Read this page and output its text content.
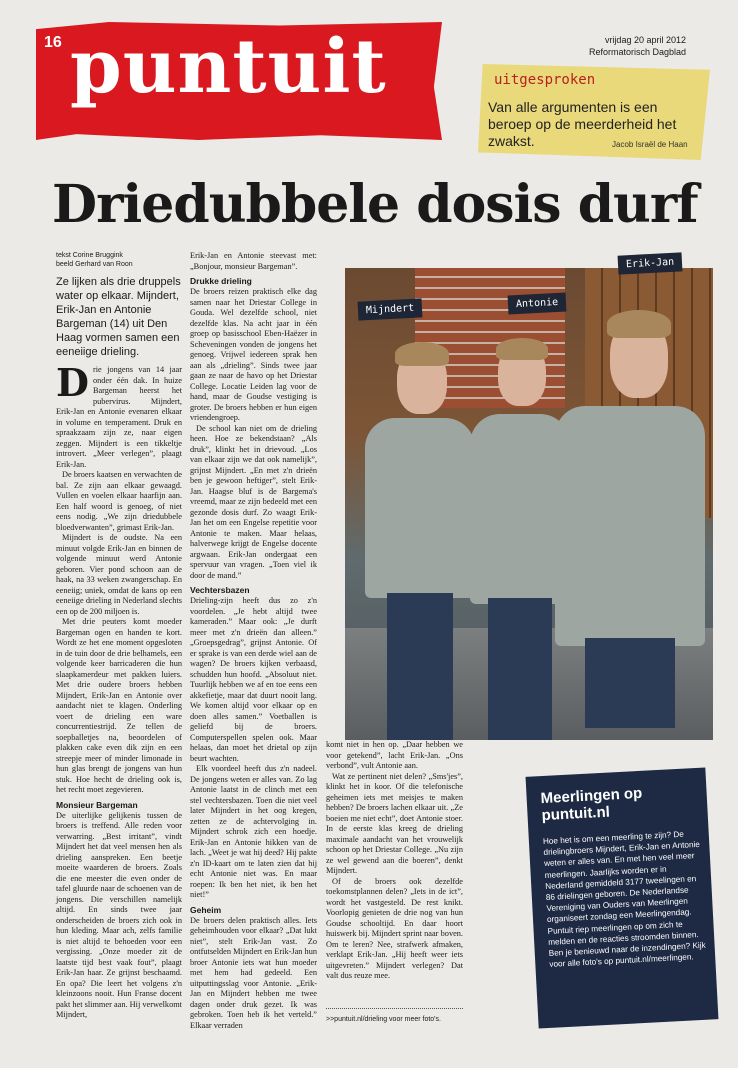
16 puntuit	vrijdag 20 april 2012
Reformatorisch Dagblad
uitgesproken
Van alle argumenten is een beroep op de meerderheid het zwakst.	Jacob Israël de Haan
Driedubbele dosis durf
tekst Corine Bruggink
beeld Gerhard van Roon
Ze lijken als drie druppels water op elkaar. Mijndert, Erik-Jan en Antonie Bargeman (14) uit Den Haag vormen samen een eeneiige drieling.
D rie jongens van 14 jaar onder één dak. In huize Bargeman heerst het pubervirus. Mijndert, Erik-Jan en Antonie evenaren elkaar in volume en temperament. Druk en spraakzaam zijn ze, naar eigen zeggen. Mijndert is een tikkeltje introvert. „Meer verlegen”, plaagt Erik-Jan.

De broers kaatsen en verwachten de bal. Ze zijn aan elkaar gewaagd. Vullen en voelen elkaar haarfijn aan. Een half woord is genoeg, of niet eens nodig. „We zijn driedubbele bloedverwanten”, grimast Erik-Jan.

Mijndert is de oudste. Na een minuut volgde Erik-Jan en binnen de volgende minuut werd Antonie geboren. Vier pond schoon aan de haak, na 33 weken zwangerschap. En eeneiig; uniek, omdat de kans op een eeneiige drieling in Nederland slechts een op de 200 miljoen is.

Met drie peuters komt moeder Bargeman ogen en handen te kort. Wordt ze het ene moment opgesloten in de tuin door de drie belhamels, een volgende keer barricaderen die hun slaapkamerdeur met pakken luiers. Met drie oudere broers hebben Mijndert, Erik-Jan en Antonie over aandacht niet te klagen. Onderling voert de drieling een ware concurrentiestrijd. Ze tellen de soepballetjes na, beoordelen of plakken cake even dik zijn en een streepje meer of minder limonade in hun glas brengt de jongens van hun stuk. Hoe hecht de drieling ook is, het recht moet zegevieren.

Monsieur Bargeman

De uiterlijke gelijkenis tussen de broers is treffend. Alle reden voor verwarring. „Best irritant”, vindt Mijndert het dat veel mensen hen als drieling aanspreken. Een beetje moeite waarderen de broers. Zoals die ene meester die even onder de tafel gluurde naar de schoenen van de jongens. Die verschillen namelijk altijd. En sinds twee jaar onderscheiden de broers zich ook in hun kleding. Maar ach, zelfs familie is niet altijd te behoeden voor een vergissing. „Onze moeder zit de laatste tijd best vaak fout”, plaagt Erik-Jan haar. Ze grijnst beschaamd. En opa? Die leert het volgens z'n kleinzoons nooit. Hun Franse docent pakt het slimmer aan. Hij verwelkomt Mijndert,

Erik-Jan en Antonie steevast met: „Bonjour, monsieur Bargeman”.

Drukke drieling

De broers reizen praktisch elke dag samen naar het Driestar College in Gouda. Wel dezelfde school, niet dezelfde klas. Na acht jaar in één groep op basisschool Eben-Haëzer in Scheveningen vonden de jongens het genoeg. Vrijwel iedereen sprak hen aan als „drieling”. Sinds twee jaar gaan ze naar de havo op het Driestar College. Locatie Leiden lag voor de hand, maar de Goudse vestiging is groter. De broers hebben er hun eigen vriendengroep.

De school kan niet om de drieling heen. Hoe ze bekendstaan? „Als druk”, klinkt het in drievoud. „Los van elkaar zijn we dat ook namelijk”, grijnst Mijndert. „En met z'n drieën ben je gewoon heftiger”, stelt Erik-Jan. Haagse bluf is de Bargema's vreemd, maar ze zijn bedeeld met een gezonde dosis durf. Zo waagt Erik-Jan het om een Engelse repetitie voor Antonie te maken. Maar helaas, halverwege krijgt de Engelse docente argwaan. Erik-Jan ondergaat een spervuur van vragen. „Toen viel ik door de mand.”

Vechtersbazen

Drieling-zijn heeft dus zo z'n voordelen. „Je hebt altijd twee kameraden.” Maar ook: „Je durft meer met z'n drieën dan alleen.” „Groepsgedrag”, grijnst Antonie. Of er sprake is van een derde wiel aan de wagen? De broers kijken verbaasd, schudden hun hoofd. „Absoluut niet. Tuurlijk hebben we af en toe eens een akkefietje, maar dat duurt nooit lang. We komen altijd voor elkaar op en doen alles samen.” Voetballen is geliefd bij de broers. Computerspellen spelen ook. Maar helaas, dan moet het drietal op zijn beurt wachten.

Elk voordeel heeft dus z'n nadeel. De jongens weten er alles van. Zo lag Antonie laatst in de clinch met een stel vechtersbazen. Toen die niet veel later Mijndert in het oog kregen, zetten ze de achtervolging in. Mijndert schrok zich een hoedje. Erik-Jan en Antonie hikken van de lach. „Weet je wat hij deed? Hij pakte z'n ID-kaart om te laten zien dat hij echt Antonie niet was. En maar roepen: Ik ben het niet, ik ben het niet!”

Geheim

De broers delen praktisch alles. Iets geheimhouden voor elkaar? „Dat lukt niet”, stelt Erik-Jan vast. Zo ontfutselden Mijndert en Erik-Jan hun broer Antonie iets wat hun moeder met hem had gedeeld. Een uitputtingsslag voor Antonie. „Erik-Jan en Mijndert hebben me twee dagen onder druk gezet. Ik was gebroken. Toen heb ik het verteld.” Elkaar verraden

komt niet in hen op. „Daar hebben we voor getekend”, lacht Erik-Jan. „Ons verbond”, vult Antonie aan.

Wat ze pertinent niet delen? „Sms'jes”, klinkt het in koor. Of die telefonische geheimen iets met meisjes te maken hebben? De broers lachen elkaar uit. „Ze boeien me niet echt”, doet Antonie stoer. In de eerste klas kreeg de drieling maximale aandacht van het vrouwelijk schoon op het Driestar College. „Nu zijn ze wel gewend aan die boeren”, denkt Mijndert.

Of de broers ook dezelfde toekomstplannen delen? „Iets in de ict”, wordt het vastgesteld. De rest knikt. Voorlopig genieten de drie nog van hun Goudse schooltijd. En daar hoort huiswerk bij. Mijndert sprint naar boven. Om te leren? Nee, strafwerk afmaken, verklapt Erik-Jan. „Hij heeft weer iets uitgevreten.” Mijndert verlegen? Dat valt dus reuze mee.

>>puntuit.nl/drieling voor meer foto's.
Mijndert	Antonie
Erik-Jan
Meerlingen op puntuit.nl
Hoe het is om een meerling te zijn? De drielingbroers Mijndert, Erik-Jan en Antonie weten er alles van. En met hen veel meer meerlingen. Jaarlijks worden er in Nederland gemiddeld 3177 tweelingen en 86 drielingen geboren. De Nederlandse Vereniging van Ouders van Meerlingen organiseert zondag een Meerlingendag. Puntuit riep meerlingen op om zich te melden en de reacties stroomden binnen. Ben je benieuwd naar de inzendingen? Kijk voor alle foto's op puntuit.nl/meerlingen.
